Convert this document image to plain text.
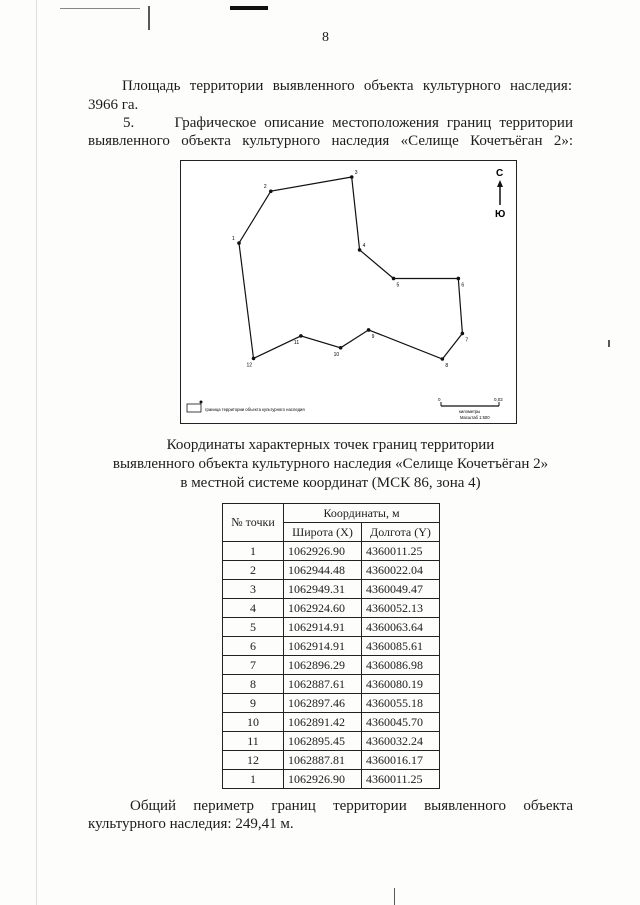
8
Площадь территории выявленного объекта культурного наследия:
3966 га.
5.     Графическое описание местоположения границ территории
выявленного объекта культурного наследия «Селище Кочетъёган 2»:
1
2
3
4
5	6
7
8
9
10
11
12
С
Ю
граница территории объекта культурного наследия
0	0,02
километры
Масштаб 1:500
Координаты характерных точек границ территории
выявленного объекта культурного наследия «Селище Кочетъёган 2»
в местной системе координат (МСК 86, зона 4)
№ точки	Координаты, м	
	Широта (X)	Долгота (Y)
1	1062926.90	4360011.25
2	1062944.48	4360022.04
3	1062949.31	4360049.47
4	1062924.60	4360052.13
5	1062914.91	4360063.64
6	1062914.91	4360085.61
7	1062896.29	4360086.98
8	1062887.61	4360080.19
9	1062897.46	4360055.18
10	1062891.42	4360045.70
11	1062895.45	4360032.24
12	1062887.81	4360016.17
1	1062926.90	4360011.25
Общий периметр границ территории выявленного объекта
культурного наследия: 249,41 м.
